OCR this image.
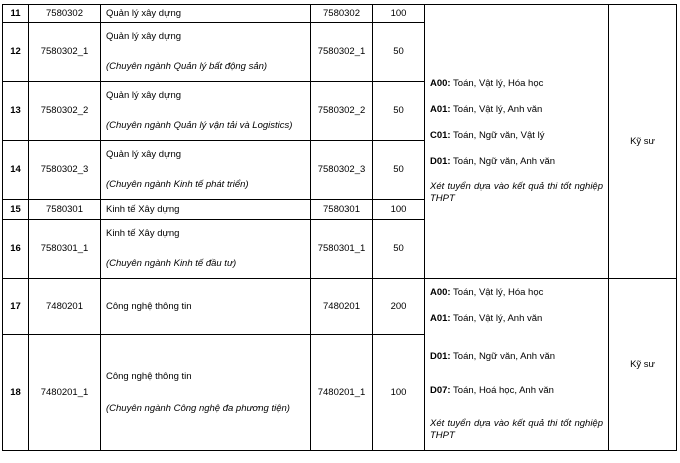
11	7580302	Quản lý xây dựng	7580302	100	A00: Toán, Vật lý, Hóa học

A01: Toán, Vật lý, Anh văn

C01: Toán, Ngữ văn, Vật lý

D01: Toán, Ngữ văn, Anh văn

Xét tuyển dựa vào kết quả thi tốt nghiệp THPT	Kỹ sư
12	7580302_1	Quản lý xây dựng
(Chuyên ngành Quản lý bất động sản)	7580302_1	50		
13	7580302_2	Quản lý xây dựng
(Chuyên ngành Quản lý vận tải và Logistics)	7580302_2	50		
14	7580302_3	Quản lý xây dựng
(Chuyên ngành Kinh tế phát triển)	7580302_3	50		
15	7580301	Kinh tế Xây dựng	7580301	100		
16	7580301_1	Kinh tế Xây dựng
(Chuyên ngành Kinh tế đầu tư)	7580301_1	50		
17	7480201	Công nghệ thông tin	7480201	200	A00: Toán, Vật lý, Hóa học

A01: Toán, Vật lý, Anh văn

D01: Toán, Ngữ văn, Anh văn

D07: Toán, Hoá học, Anh văn

Xét tuyển dựa vào kết quả thi tốt nghiệp THPT	Kỹ sư
18	7480201_1	Công nghệ thông tin
(Chuyên ngành Công nghệ đa phương tiện)	7480201_1	100		
